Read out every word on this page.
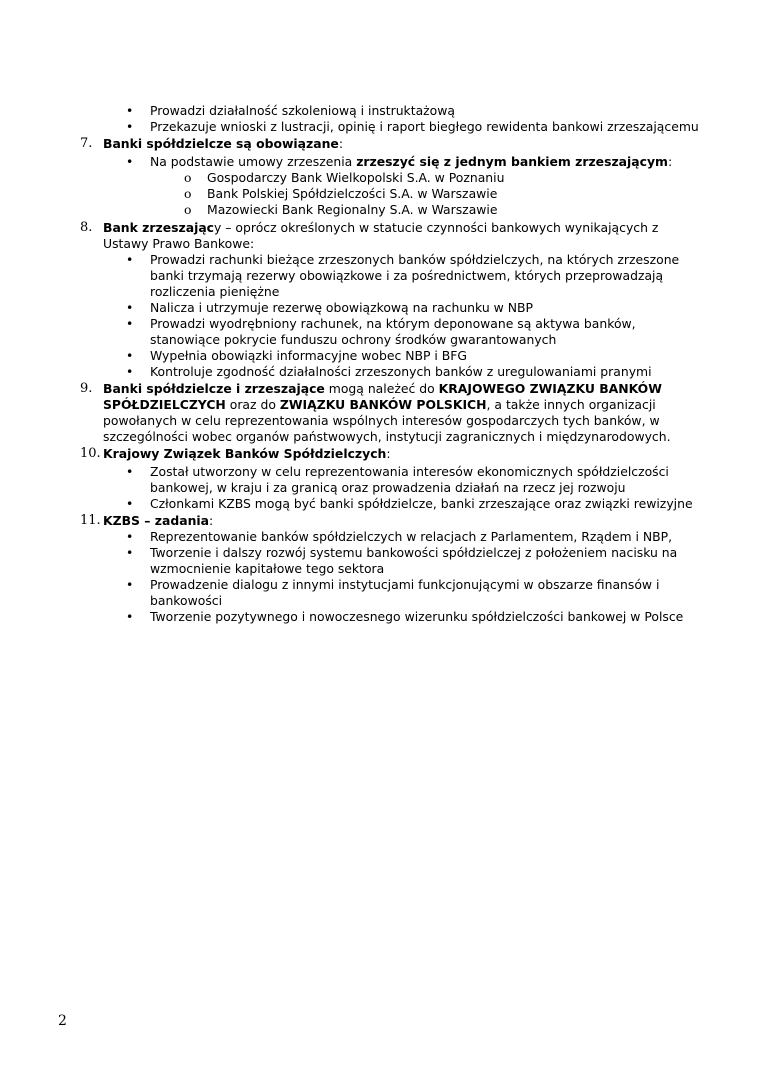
• Prowadzi działalność szkoleniową i instruktażową
• Przekazuje wnioski z lustracji, opinię i raport biegłego rewidenta bankowi zrzeszającemu
7. Banki spółdzielcze są obowiązane:
• Na podstawie umowy zrzeszenia zrzeszyć się z jednym bankiem zrzeszającym:
o Gospodarczy Bank Wielkopolski S.A. w Poznaniu
o Bank Polskiej Spółdzielczości S.A. w Warszawie
o Mazowiecki Bank Regionalny S.A. w Warszawie
8. Bank zrzeszający – oprócz określonych w statucie czynności bankowych wynikających z Ustawy Prawo Bankowe:
• Prowadzi rachunki bieżące zrzeszonych banków spółdzielczych, na których zrzeszone banki trzymają rezerwy obowiązkowe i za pośrednictwem, których przeprowadzają rozliczenia pieniężne
• Nalicza i utrzymuje rezerwę obowiązkową na rachunku w NBP
• Prowadzi wyodrębniony rachunek, na którym deponowane są aktywa banków, stanowiące pokrycie funduszu ochrony środków gwarantowanych
• Wypełnia obowiązki informacyjne wobec NBP i BFG
• Kontroluje zgodność działalności zrzeszonych banków z uregulowaniami pranymi
9. Banki spółdzielcze i zrzeszające mogą należeć do KRAJOWEGO ZWIĄZKU BANKÓW SPÓŁDZIELCZYCH oraz do ZWIĄZKU BANKÓW POLSKICH, a także innych organizacji powołanych w celu reprezentowania wspólnych interesów gospodarczych tych banków, w szczególności wobec organów państwowych, instytucji zagranicznych i międzynarodowych.
10. Krajowy Związek Banków Spółdzielczych:
• Został utworzony w celu reprezentowania interesów ekonomicznych spółdzielczości bankowej, w kraju i za granicą oraz prowadzenia działań na rzecz jej rozwoju
• Członkami KZBS mogą być banki spółdzielcze, banki zrzeszające oraz związki rewizyjne
11. KZBS – zadania:
• Reprezentowanie banków spółdzielczych w relacjach z Parlamentem, Rządem i NBP,
• Tworzenie i dalszy rozwój systemu bankowości spółdzielczej z położeniem nacisku na wzmocnienie kapitałowe tego sektora
• Prowadzenie dialogu z innymi instytucjami funkcjonującymi w obszarze finansów i bankowości
• Tworzenie pozytywnego i nowoczesnego wizerunku spółdzielczości bankowej w Polsce
2
